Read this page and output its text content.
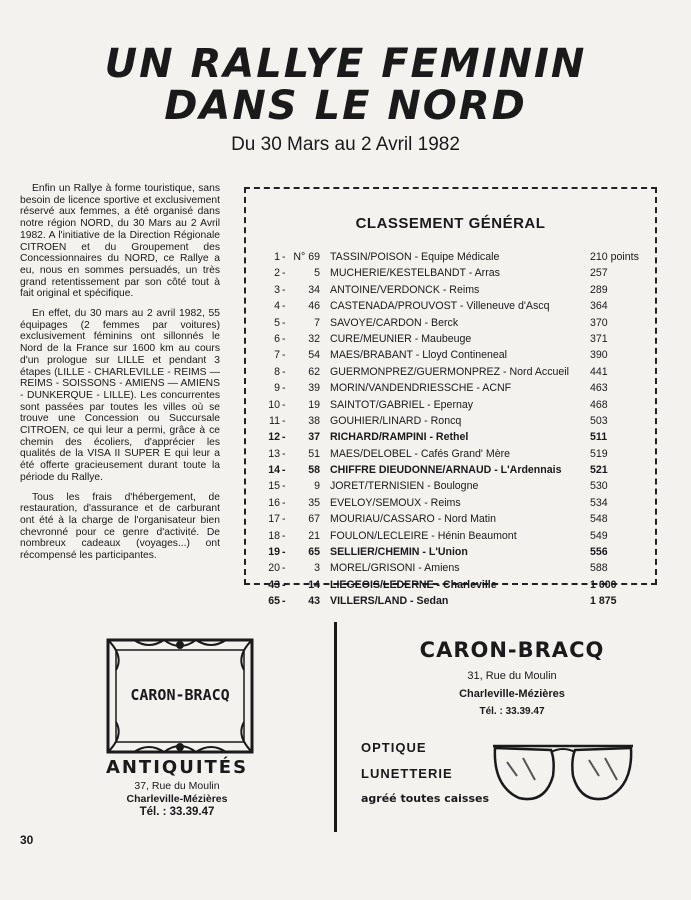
UN RALLYE FEMININ
DANS LE NORD
Du 30 Mars au 2 Avril 1982

Enfin un Rallye à forme touristique, sans besoin de licence sportive et exclusivement réservé aux femmes, a été organisé dans notre région NORD, du 30 Mars au 2 Avril 1982. A l'initiative de la Direction Régionale CITROEN et du Groupement des Concessionnaires du NORD, ce Rallye a eu, nous en sommes persuadés, un très grand retentissement par son côté tout à fait original et spécifique.

En effet, du 30 mars au 2 avril 1982, 55 équipages (2 femmes par voitures) exclusivement féminins ont sillonnés le Nord de la France sur 1600 km au cours d'un prologue sur LILLE et pendant 3 étapes (LILLE - CHARLEVILLE - REIMS — REIMS - SOISSONS - AMIENS — AMIENS - DUNKERQUE - LILLE). Les concurrentes sont passées par toutes les villes où se trouve une Concession ou Succursale CITROEN, ce qui leur a permi, grâce à ce chemin des écoliers, d'apprécier les qualités de la VISA II SUPER E qui leur a été offerte gracieusement durant toute la période du Rallye.

Tous les frais d'hébergement, de restauration, d'assurance et de carburant ont été à la charge de l'organisateur bien chevronné pour ce genre d'activité. De nombreux cadeaux (voyages...) ont récompensé les participantes.

CLASSEMENT GÉNÉRAL
1 - N° 69 TASSIN/POISON - Equipe Médicale	210 points
2 -	5 MUCHERIE/KESTELBANDT - Arras	257
3 -	34 ANTOINE/VERDONCK - Reims	289
4 -	46 CASTENADA/PROUVOST - Villeneuve d'Ascq	364
5 -	7 SAVOYE/CARDON - Berck	370
6 -	32 CURE/MEUNIER - Maubeuge	371
7 -	54 MAES/BRABANT - Lloyd Contineneal	390
8 -	62 GUERMONPREZ/GUERMONPREZ - Nord Accueil 441
9 -	39 MORIN/VANDENDRIESSCHE - ACNF	463
10 -	19 SAINTOT/GABRIEL - Epernay	468
11 -	38 GOUHIER/LINARD - Roncq	503
12 -	37 RICHARD/RAMPINI - Rethel	511
13 -	51 MAES/DELOBEL - Cafés Grand' Mère	519
14 -	58 CHIFFRE DIEUDONNE/ARNAUD - L'Ardennais	521
15 -	9 JORET/TERNISIEN - Boulogne	530
16 -	35 EVELOY/SEMOUX - Reims	534
17 -	67 MOURIAU/CASSARO - Nord Matin	548
18 -	21 FOULON/LECLEIRE - Hénin Beaumont	549
19 -	65 SELLIER/CHEMIN - L'Union	556
20 -	3 MOREL/GRISONI - Amiens	588
43 -	14 LIEGEOIS/LEDERNE - Charleville	1 000
65 -	43 VILLERS/LAND - Sedan	1 875
CARON-BRACQ
ANTIQUITÉS
37, Rue du Moulin
Charleville-Mézières
Tél. : 33.39.47
CARON-BRACQ
31, Rue du Moulin
Charleville-Mézières
Tél. : 33.39.47
OPTIQUE
LUNETTERIE
agréé toutes caisses
30
